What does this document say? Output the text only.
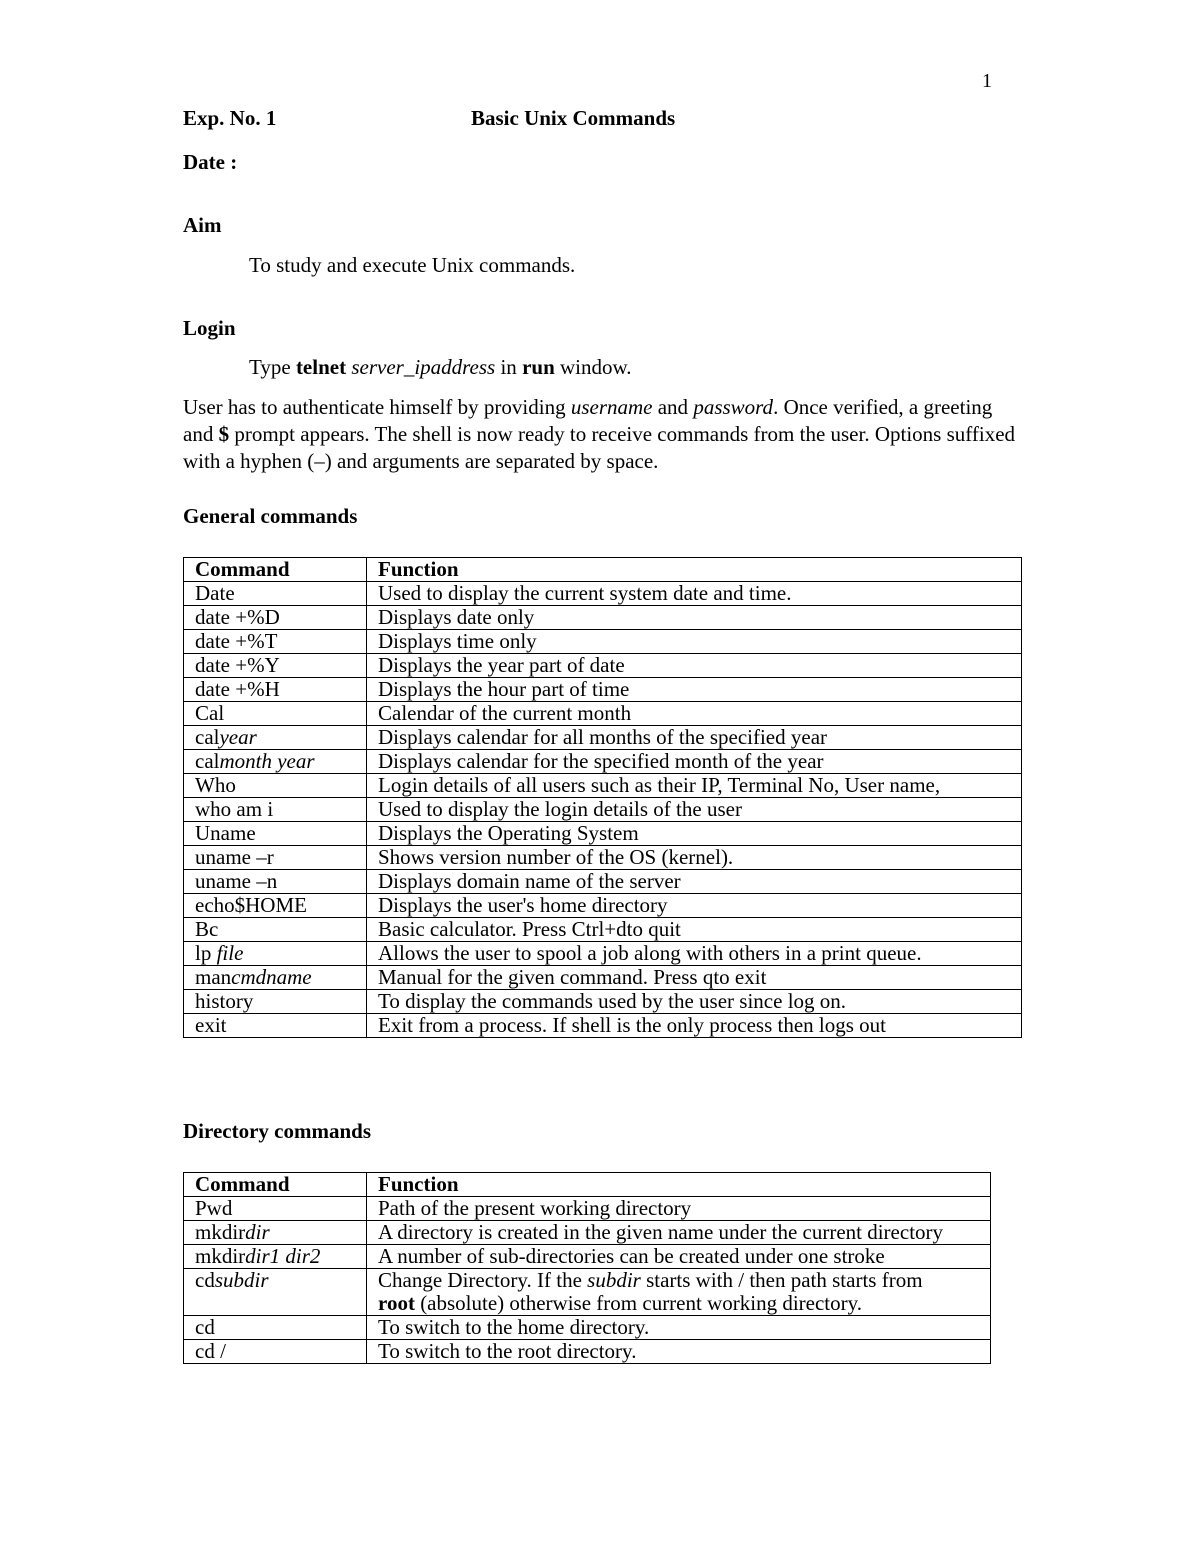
1
Exp. No. 1	Basic Unix Commands
Date :
Aim
To study and execute Unix commands.
Login
Type telnet server_ipaddress in run window.
User has to authenticate himself by providing username and password. Once verified, a greeting and $ prompt appears. The shell is now ready to receive commands from the user. Options suffixed with a hyphen (–) and arguments are separated by space.
General commands
Command	Function
Date	Used to display the current system date and time.
date +%D	Displays date only
date +%T	Displays time only
date +%Y	Displays the year part of date
date +%H	Displays the hour part of time
Cal	Calendar of the current month
calyear	Displays calendar for all months of the specified year
calmonth year	Displays calendar for the specified month of the year
Who	Login details of all users such as their IP, Terminal No, User name,
who am i	Used to display the login details of the user
Uname	Displays the Operating System
uname –r	Shows version number of the OS (kernel).
uname –n	Displays domain name of the server
echo$HOME	Displays the user's home directory
Bc	Basic calculator. Press Ctrl+dto quit
lp file	Allows the user to spool a job along with others in a print queue.
mancmdname	Manual for the given command. Press qto exit
history	To display the commands used by the user since log on.
exit	Exit from a process. If shell is the only process then logs out
Directory commands
Command	Function
Pwd	Path of the present working directory
mkdirdir	A directory is created in the given name under the current directory
mkdirdir1 dir2	A number of sub-directories can be created under one stroke
cdsubdir	Change Directory. If the subdir starts with / then path starts from
root (absolute) otherwise from current working directory.
cd	To switch to the home directory.
cd /	To switch to the root directory.
